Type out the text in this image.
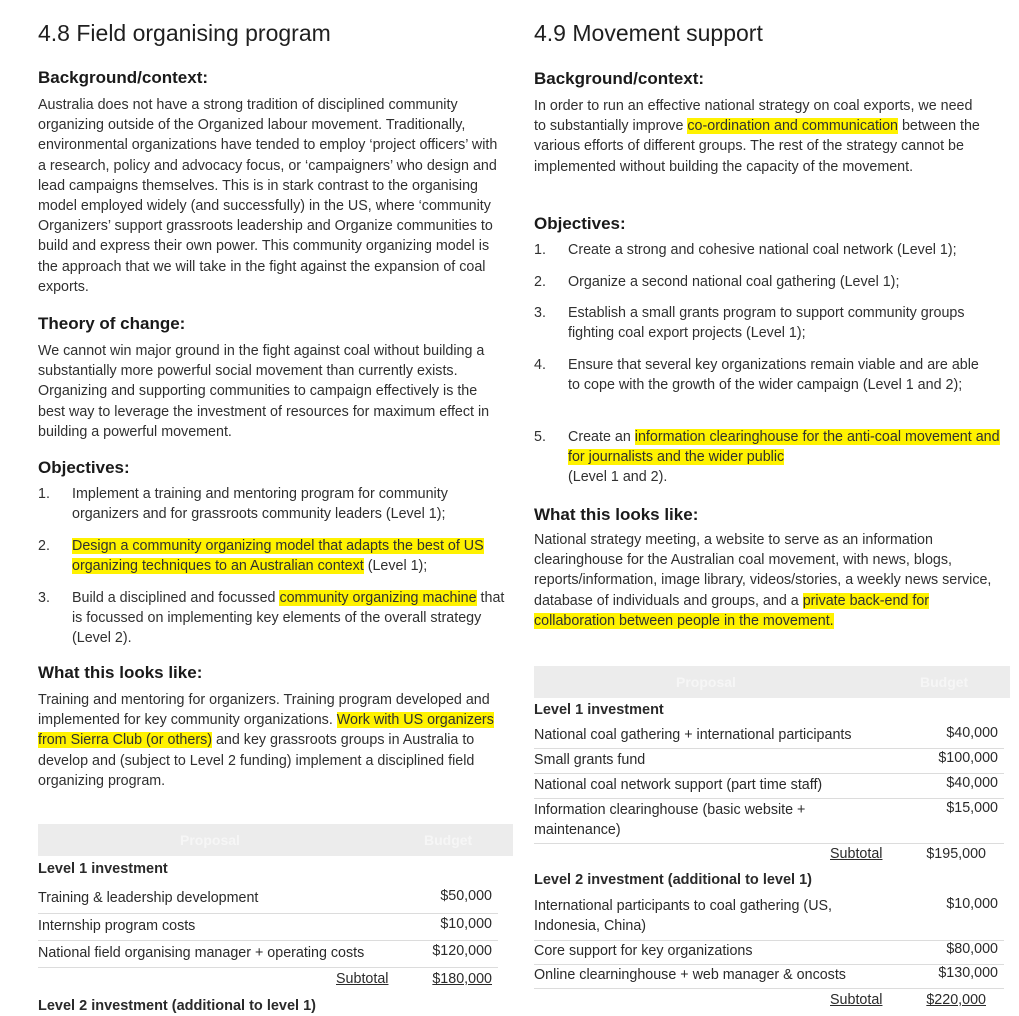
4.8 Field organising program
Background/context:
Australia does not have a strong tradition of disciplined community organizing outside of the Organized labour movement. Traditionally, environmental organizations have tended to employ ‘project officers’ with a research, policy and advocacy focus, or ‘campaigners’ who design and lead campaigns themselves. This is in stark contrast to the organising model employed widely (and successfully) in the US, where ‘community Organizers’ support grassroots leadership and Organize communities to build and express their own power. This community organizing model is the approach that we will take in the fight against the expansion of coal exports.
Theory of change:
We cannot win major ground in the fight against coal without building a substantially more powerful social movement than currently exists. Organizing and supporting communities to campaign effectively is the best way to leverage the investment of resources for maximum effect in building a powerful movement.
Objectives:
1. Implement a training and mentoring program for community organizers and for grassroots community leaders (Level 1);
2. Design a community organizing model that adapts the best of US organizing techniques to an Australian context (Level 1);
3. Build a disciplined and focussed community organizing machine that is focussed on implementing key elements of the overall strategy (Level 2).
What this looks like:
Training and mentoring for organizers. Training program developed and implemented for key community organizations. Work with US organizers from Sierra Club (or others) and key grassroots groups in Australia to develop and (subject to Level 2 funding) implement a disciplined field organizing program.
Proposal	Budget
Level 1 investment
Training & leadership development	$50,000
Internship program costs	$10,000
National field organising manager + operating costs	$120,000
Subtotal	$180,000
Level 2 investment (additional to level 1)
4.9 Movement support
Background/context:
In order to run an effective national strategy on coal exports, we need to substantially improve co-ordination and communication between the various efforts of different groups. The rest of the strategy cannot be implemented without building the capacity of the movement.
Objectives:
1. Create a strong and cohesive national coal network (Level 1);
2. Organize a second national coal gathering (Level 1);
3. Establish a small grants program to support community groups fighting coal export projects (Level 1);
4. Ensure that several key organizations remain viable and are able to cope with the growth of the wider campaign (Level 1 and 2);
5. Create an information clearinghouse for the anti-coal movement and for journalists and the wider public
(Level 1 and 2).
What this looks like:
National strategy meeting, a website to serve as an information clearinghouse for the Australian coal movement, with news, blogs, reports/information, image library, videos/stories, a weekly news service, database of individuals and groups, and a private back-end for collaboration between people in the movement.
Proposal	Budget
Level 1 investment
National coal gathering + international participants	$40,000
Small grants fund	$100,000
National coal network support (part time staff)	$40,000
Information clearinghouse (basic website + maintenance)
$15,000
Subtotal	$195,000
Level 2 investment (additional to level 1)
International participants to coal gathering (US, Indonesia, China)
$10,000
Core support for key organizations	$80,000
Online clearninghouse + web manager & oncosts	$130,000
Subtotal	$220,000
